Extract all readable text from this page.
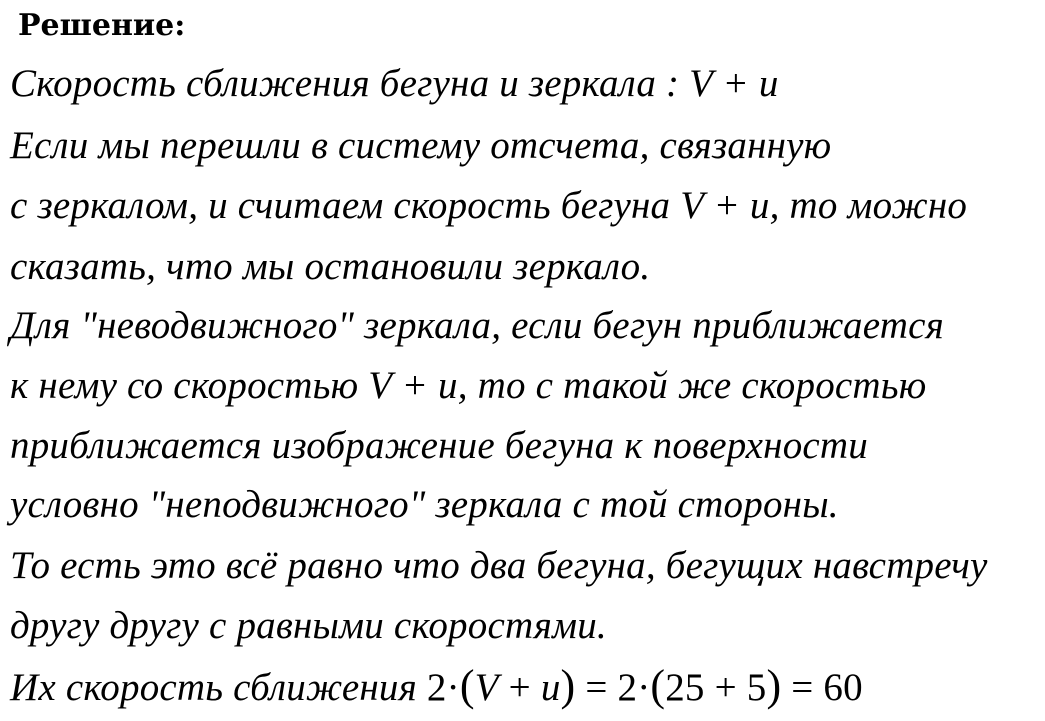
Решение:
Скорость сближения бегуна и зеркала : V + u
Если мы перешли в систему отсчета, связанную
с зеркалом, и считаем скорость бегуна V + u, то можно
сказать, что мы остановили зеркало.
Для "неводвижного" зеркала, если бегун приближается
к нему со скоростью V + u, то с такой же скоростью
приближается изображение бегуна к поверхности
условно "неподвижного" зеркала с той стороны.
То есть это всё равно что два бегуна, бегущих навстречу
другу другу с равными скоростями.
Их скорость сближения 2·(V + u) = 2·(25 + 5) = 60
